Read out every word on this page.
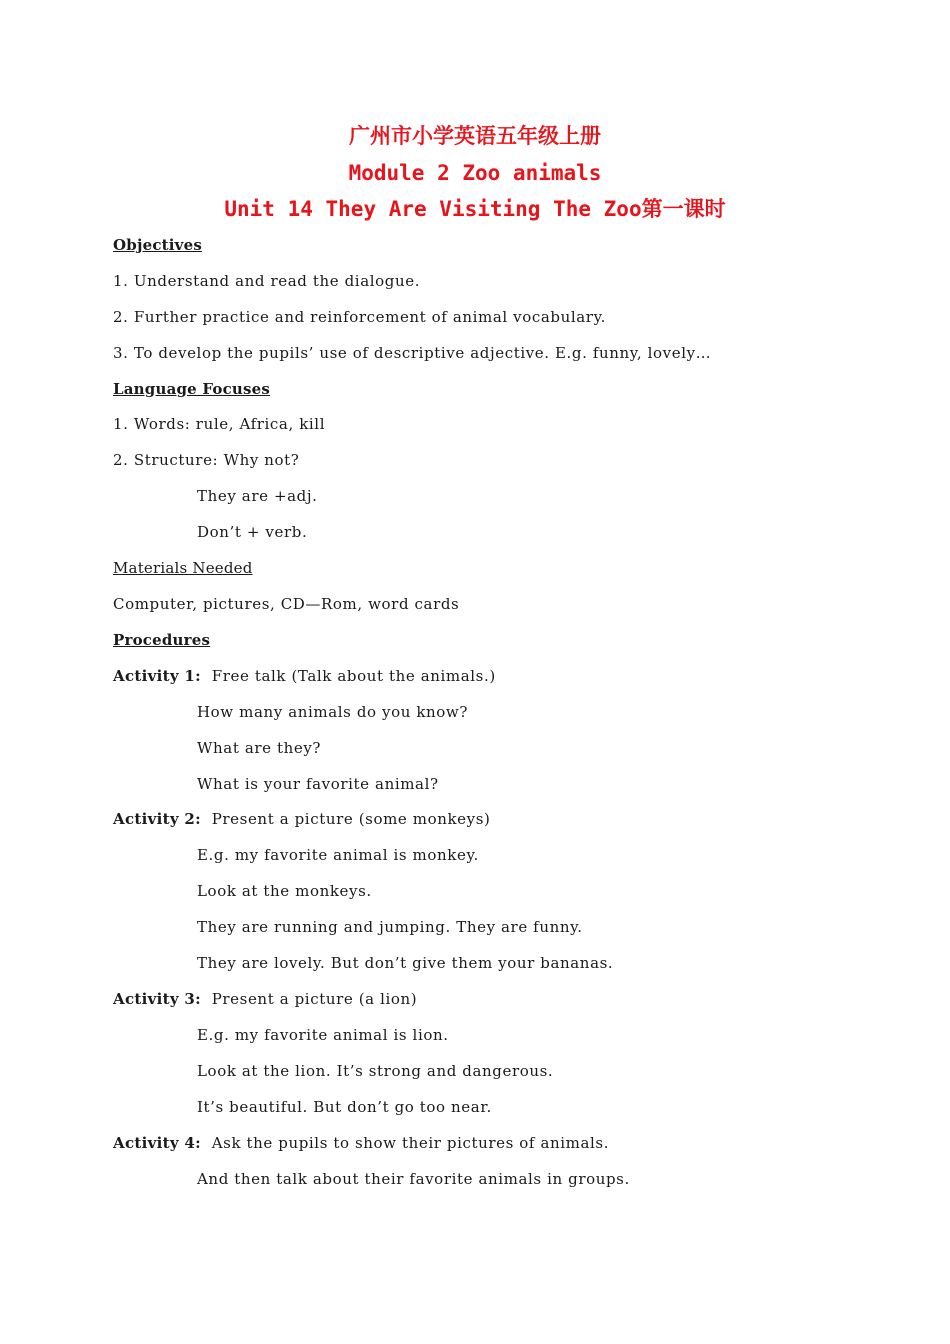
广州市小学英语五年级上册
Module 2 Zoo animals
Unit 14 They Are Visiting The Zoo第一课时
Objectives
1. Understand and read the dialogue.
2. Further practice and reinforcement of animal vocabulary.
3. To develop the pupils’ use of descriptive adjective. E.g. funny, lovely…
Language Focuses
1. Words: rule, Africa, kill
2. Structure: Why not?
They are +adj.
Don’t + verb.
Materials Needed
Computer, pictures, CD—Rom, word cards
Procedures
Activity 1: Free talk (Talk about the animals.)
How many animals do you know?
What are they?
What is your favorite animal?
Activity 2: Present a picture (some monkeys)
E.g. my favorite animal is monkey.
Look at the monkeys.
They are running and jumping. They are funny.
They are lovely. But don’t give them your bananas.
Activity 3: Present a picture (a lion)
E.g. my favorite animal is lion.
Look at the lion. It’s strong and dangerous.
It’s beautiful. But don’t go too near.
Activity 4: Ask the pupils to show their pictures of animals.
And then talk about their favorite animals in groups.
